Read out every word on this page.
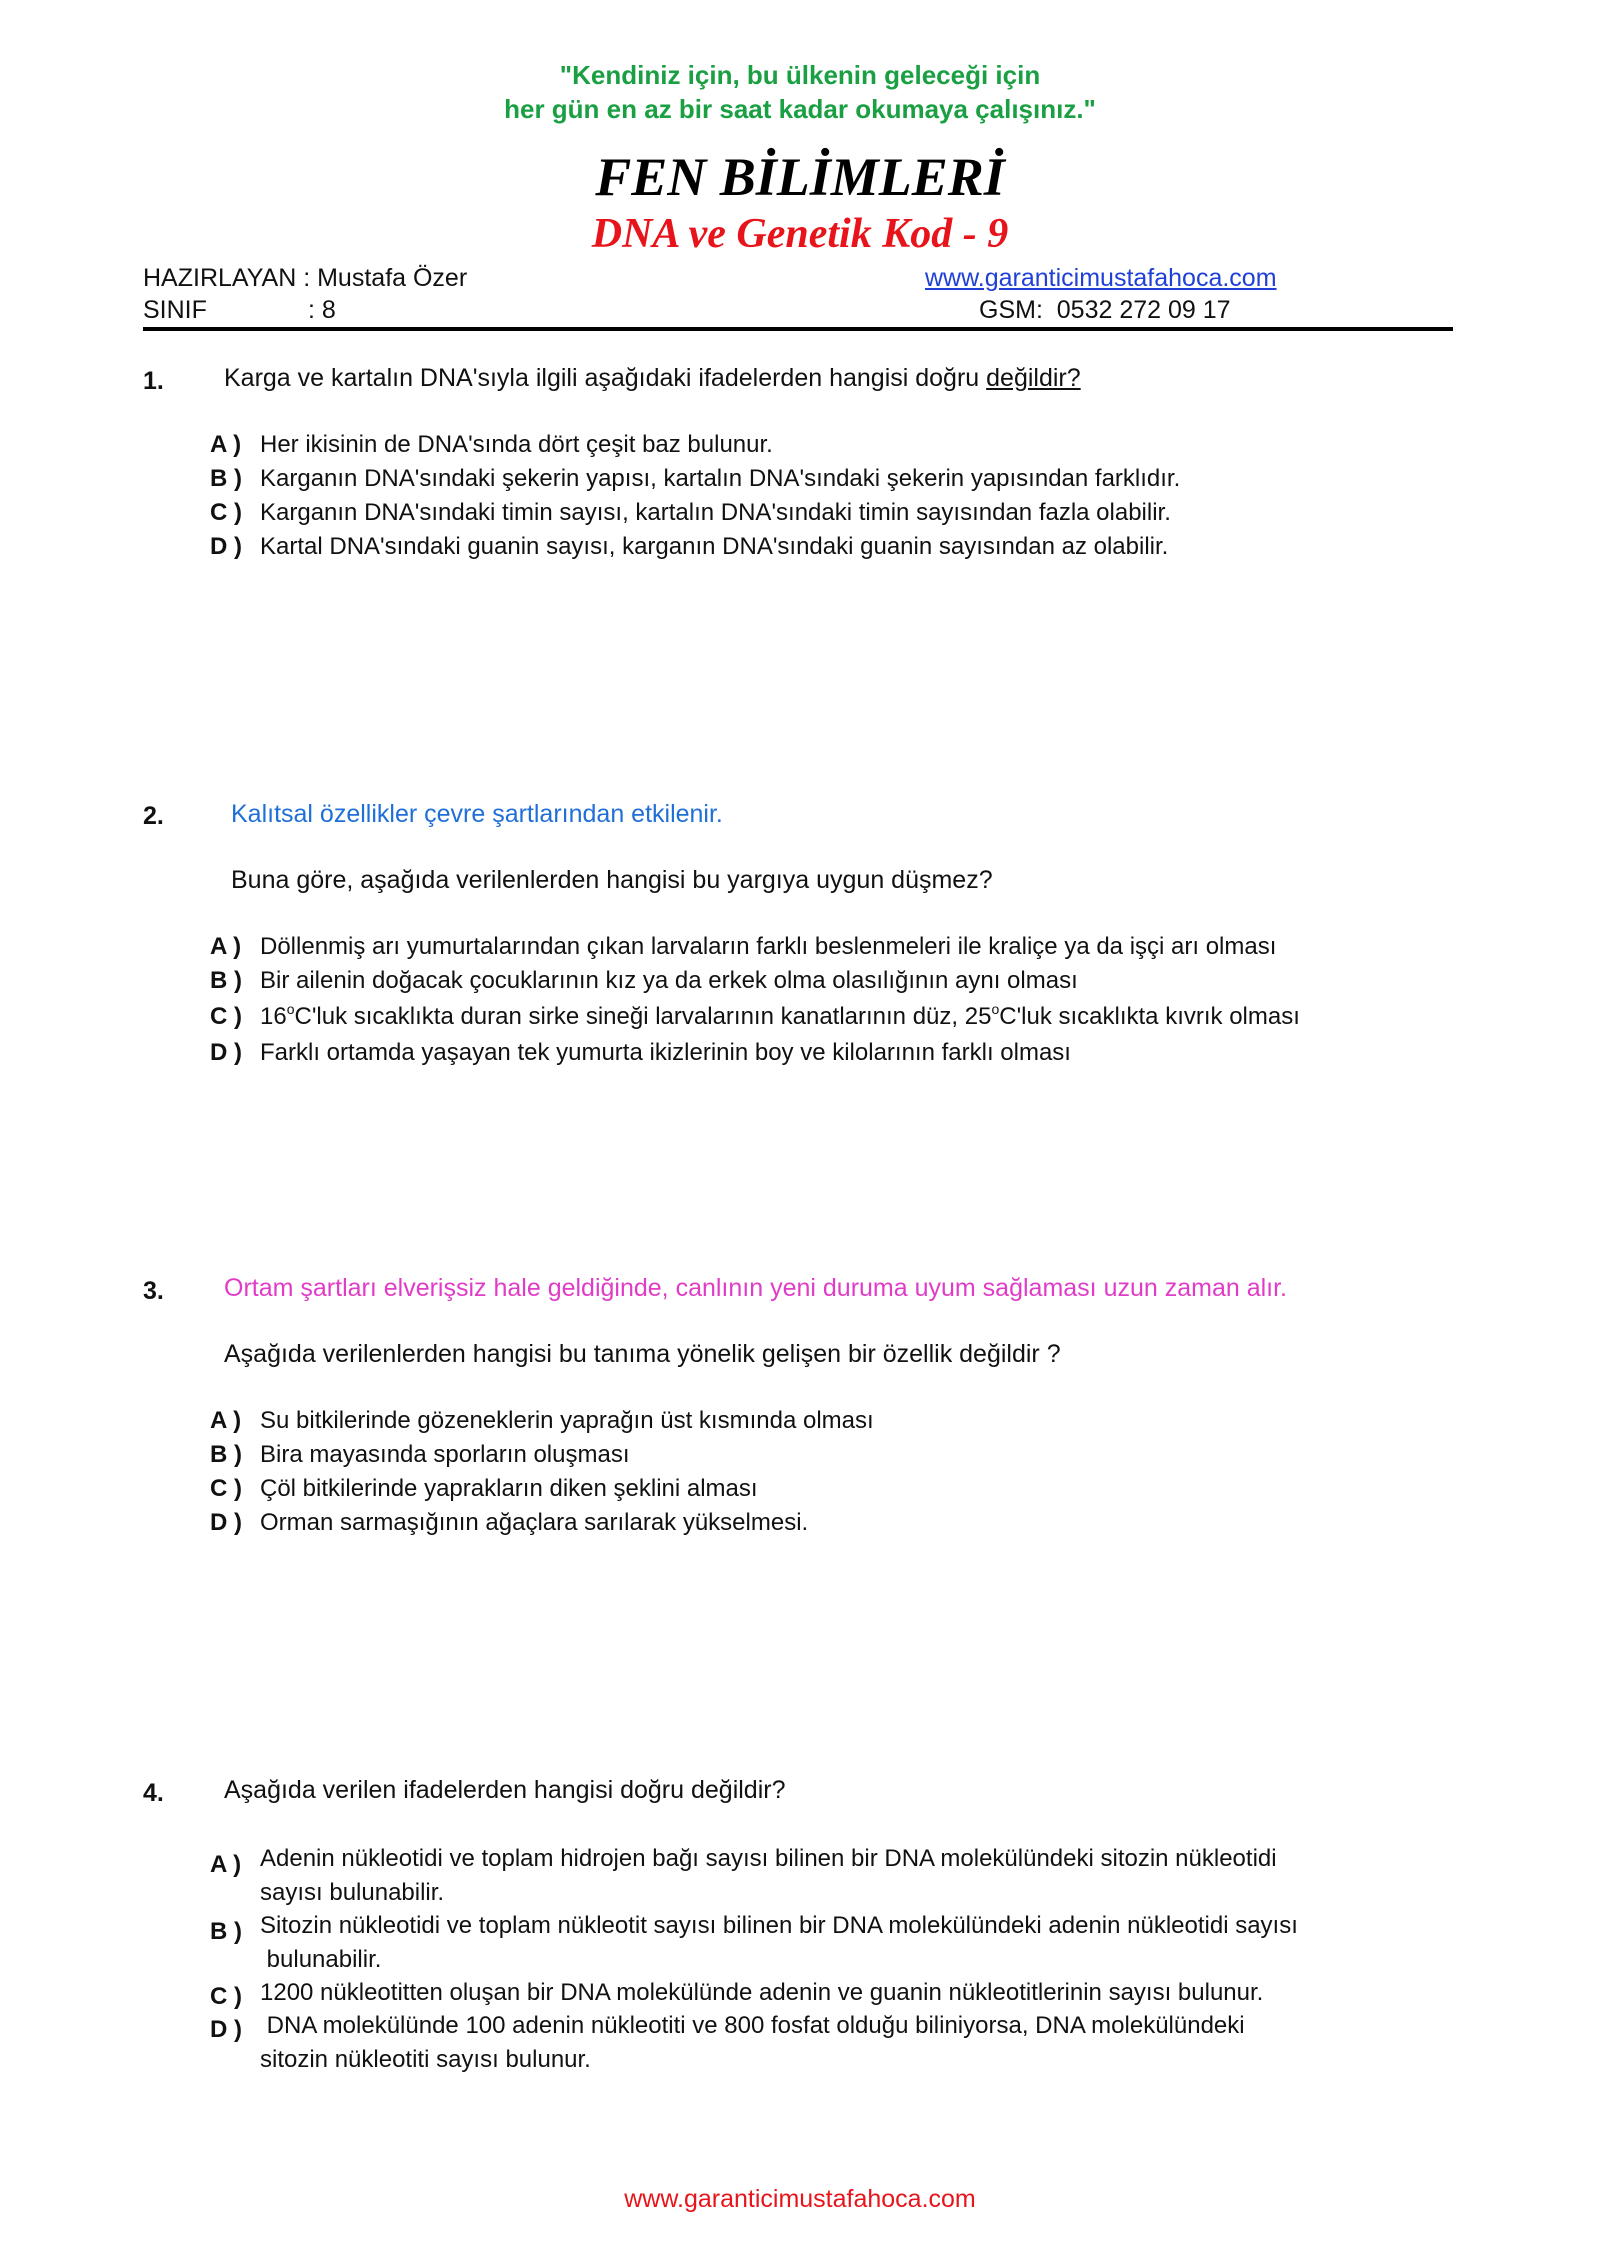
"Kendiniz için, bu ülkenin geleceği için
her gün en az bir saat kadar okumaya çalışınız."
FEN BİLİMLERİ
DNA ve Genetik Kod - 9
HAZIRLAYAN : Mustafa Özer	www.garanticimustafahoca.com
SINIF	: 8	GSM:  0532 272 09 17
1. Karga ve kartalın DNA'sıyla ilgili aşağıdaki ifadelerden hangisi doğru değildir?
A ) Her ikisinin de DNA'sında dört çeşit baz bulunur.
B ) Karganın DNA'sındaki şekerin yapısı, kartalın DNA'sındaki şekerin yapısından farklıdır.
C ) Karganın DNA'sındaki timin sayısı, kartalın DNA'sındaki timin sayısından fazla olabilir.
D ) Kartal DNA'sındaki guanin sayısı, karganın DNA'sındaki guanin sayısından az olabilir.
2.	Kalıtsal özellikler çevre şartlarından etkilenir.
Buna göre, aşağıda verilenlerden hangisi bu yargıya uygun düşmez?
A ) Döllenmiş arı yumurtalarından çıkan larvaların farklı beslenmeleri ile kraliçe ya da işçi arı olması
B ) Bir ailenin doğacak çocuklarının kız ya da erkek olma olasılığının aynı olması
C ) 16$^o$C'luk sıcaklıkta duran sirke sineği larvalarının kanatlarının düz, 25$^o$C'luk sıcaklıkta kıvrık olması
D ) Farklı ortamda yaşayan tek yumurta ikizlerinin boy ve kilolarının farklı olması
3. Ortam şartları elverişsiz hale geldiğinde, canlının yeni duruma uyum sağlaması uzun zaman alır.
Aşağıda verilenlerden hangisi bu tanıma yönelik gelişen bir özellik değildir ?
A ) Su bitkilerinde gözeneklerin yaprağın üst kısmında olması
B ) Bira mayasında sporların oluşması
C ) Çöl bitkilerinde yaprakların diken şeklini alması
D ) Orman sarmaşığının ağaçlara sarılarak yükselmesi.
4. Aşağıda verilen ifadelerden hangisi doğru değildir?
A ) Adenin nükleotidi ve toplam hidrojen bağı sayısı bilinen bir DNA molekülündeki sitozin nükleotidi
sayısı bulunabilir.
B ) Sitozin nükleotidi ve toplam nükleotit sayısı bilinen bir DNA molekülündeki adenin nükleotidi sayısı
bulunabilir.
C ) 1200 nükleotitten oluşan bir DNA molekülünde adenin ve guanin nükleotitlerinin sayısı bulunur.
D ) DNA molekülünde 100 adenin nükleotiti ve 800 fosfat olduğu biliniyorsa, DNA molekülündeki
sitozin nükleotiti sayısı bulunur.
www.garanticimustafahoca.com
